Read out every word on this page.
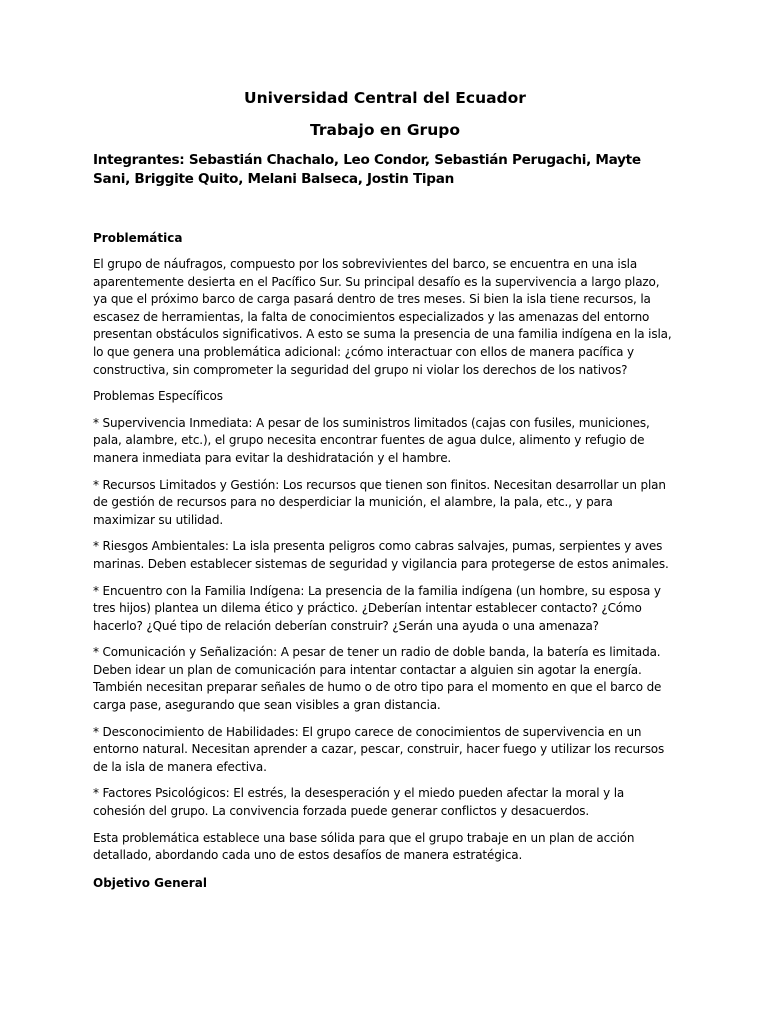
Universidad Central del Ecuador

Trabajo en Grupo

Integrantes: Sebastián Chachalo, Leo Condor, Sebastián Perugachi, Mayte Sani, Briggite Quito, Melani Balseca, Jostin Tipan

Problemática

El grupo de náufragos, compuesto por los sobrevivientes del barco, se encuentra en una isla aparentemente desierta en el Pacífico Sur. Su principal desafío es la supervivencia a largo plazo, ya que el próximo barco de carga pasará dentro de tres meses. Si bien la isla tiene recursos, la escasez de herramientas, la falta de conocimientos especializados y las amenazas del entorno presentan obstáculos significativos. A esto se suma la presencia de una familia indígena en la isla, lo que genera una problemática adicional: ¿cómo interactuar con ellos de manera pacífica y constructiva, sin comprometer la seguridad del grupo ni violar los derechos de los nativos?

Problemas Específicos

* Supervivencia Inmediata: A pesar de los suministros limitados (cajas con fusiles, municiones, pala, alambre, etc.), el grupo necesita encontrar fuentes de agua dulce, alimento y refugio de manera inmediata para evitar la deshidratación y el hambre.

* Recursos Limitados y Gestión: Los recursos que tienen son finitos. Necesitan desarrollar un plan de gestión de recursos para no desperdiciar la munición, el alambre, la pala, etc., y para maximizar su utilidad.

* Riesgos Ambientales: La isla presenta peligros como cabras salvajes, pumas, serpientes y aves marinas. Deben establecer sistemas de seguridad y vigilancia para protegerse de estos animales.

* Encuentro con la Familia Indígena: La presencia de la familia indígena (un hombre, su esposa y tres hijos) plantea un dilema ético y práctico. ¿Deberían intentar establecer contacto? ¿Cómo hacerlo? ¿Qué tipo de relación deberían construir? ¿Serán una ayuda o una amenaza?

* Comunicación y Señalización: A pesar de tener un radio de doble banda, la batería es limitada. Deben idear un plan de comunicación para intentar contactar a alguien sin agotar la energía. También necesitan preparar señales de humo o de otro tipo para el momento en que el barco de carga pase, asegurando que sean visibles a gran distancia.

* Desconocimiento de Habilidades: El grupo carece de conocimientos de supervivencia en un entorno natural. Necesitan aprender a cazar, pescar, construir, hacer fuego y utilizar los recursos de la isla de manera efectiva.

* Factores Psicológicos: El estrés, la desesperación y el miedo pueden afectar la moral y la cohesión del grupo. La convivencia forzada puede generar conflictos y desacuerdos.

Esta problemática establece una base sólida para que el grupo trabaje en un plan de acción detallado, abordando cada uno de estos desafíos de manera estratégica.

Objetivo General
